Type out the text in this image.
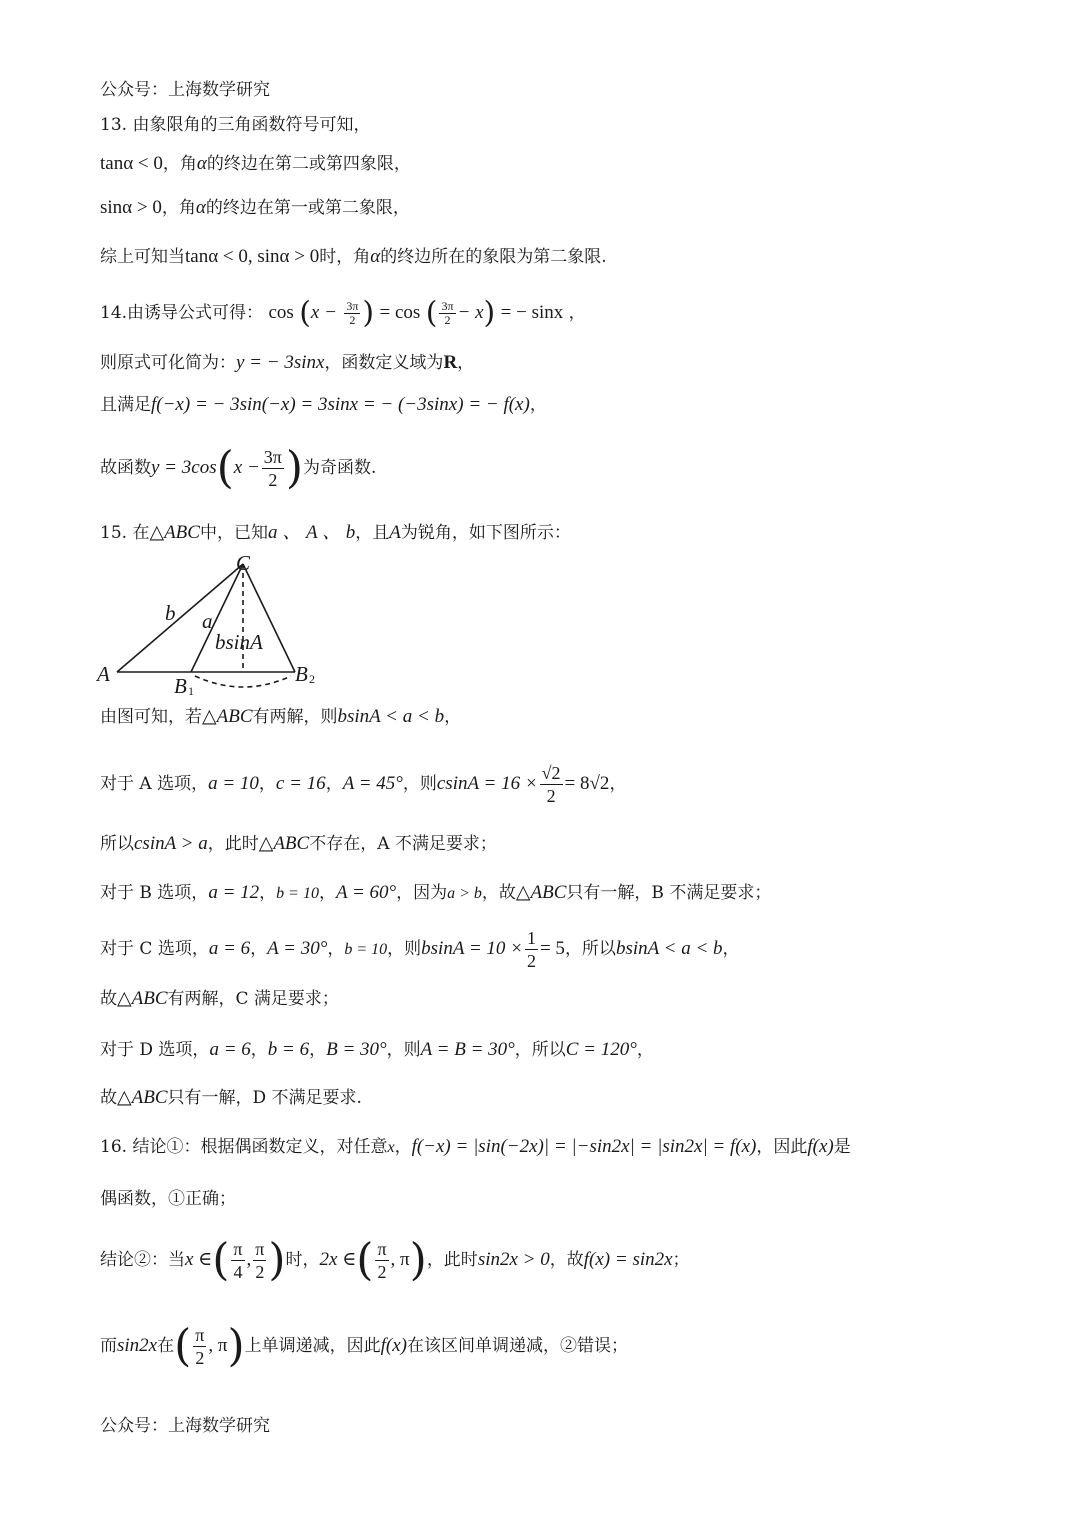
公众号：上海数学研究
13. 由象限角的三角函数符号可知，
tanα < 0，角α的终边在第二或第四象限，
sinα > 0，角α的终边在第一或第二象限，
综上可知当tanα < 0, sinα > 0时，角α的终边所在的象限为第二象限.
14.由诱导公式可得： $\cos (x - \frac{3\pi}{2}$ ) = cos ( $\frac{3\pi}{2} - x$) = − sinx ，
则原式可化简为：y = − 3sinx，函数定义域为R，
且满足f(−x) = − 3sin(−x) = 3sinx = − (−3sinx) = − f(x)，
故函数$y = 3\cos(x - \frac{3\pi}{2}$ )为奇函数.
15. 在△ABC中，已知a 、 A 、 b，且A为锐角，如下图所示：
C
b a
bsinA
A	B	B
1
2
由图可知，若△ABC有两解，则bsinA < a < b，
对于 A 选项，a = 10，c = 16，A = 45°，则$csinA = 16 \times \frac{√2}{2} = 8√2$，
所以csinA > a，此时△ABC不存在，A 不满足要求；
对于 B 选项，a = 12，b = 10，A = 60°，因为a > b，故△ABC只有一解，B 不满足要求；
对于 C 选项，a = 6，A = 30°，b = 10，则$bsinA = 10 \times \frac{1}{2} = 5$，所以bsinA < a < b，
故△ABC有两解，C 满足要求；
对于 D 选项，a = 6，b = 6，B = 30°，则A = B = 30°，所以C = 120°，
故△ABC只有一解，D 不满足要求.
16. 结论①：根据偶函数定义，对任意x，f(−x) = |sin(−2x)| = |−sin2x| = |sin2x| = f(x)，因此f(x)是
偶函数，①正确；
结论②：当x ∈( $\frac{\pi}{4}$ , $\frac{\pi}{2}$ )时，2x ∈( $\frac{\pi}{2}$ , π)，此时sin2x > 0，故f(x) = sin2x；
而sin2x在( $\frac{\pi}{2}$ , π)上单调递减，因此f(x)在该区间单调递减，②错误；
公众号：上海数学研究
